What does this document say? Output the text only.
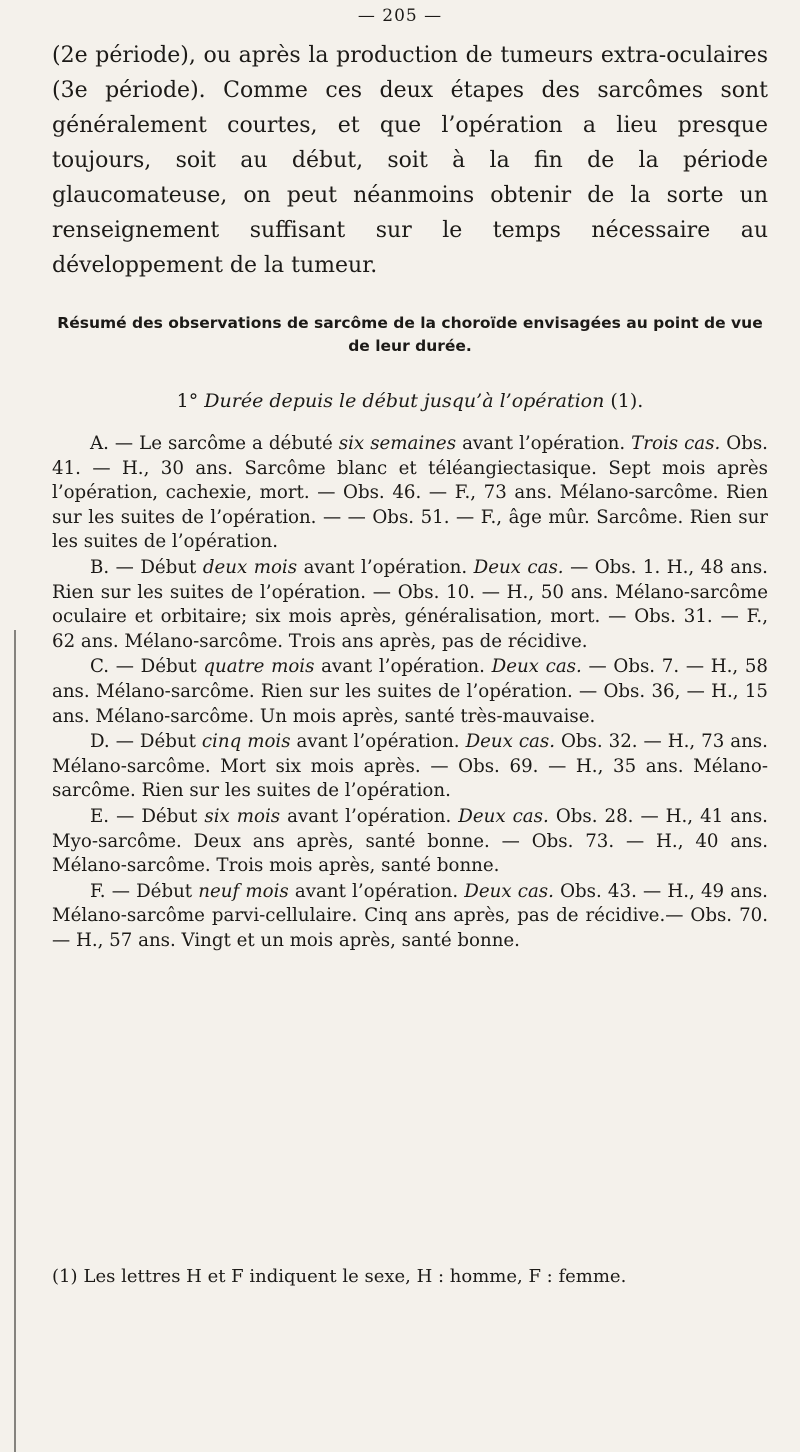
— 205 —

(2e période), ou après la production de tumeurs extra-oculaires (3e période). Comme ces deux étapes des sarcômes sont généralement courtes, et que l’opération a lieu presque toujours, soit au début, soit à la fin de la période glaucomateuse, on peut néanmoins obtenir de la sorte un renseignement suffisant sur le temps nécessaire au développement de la tumeur.

Résumé des observations de sarcôme de la choroïde envisagées au point de vue de leur durée.
1° Durée depuis le début jusqu’à l’opération (1).

A. — Le sarcôme a débuté six semaines avant l’opération. Trois cas. Obs. 41. — H., 30 ans. Sarcôme blanc et téléangiectasique. Sept mois après l’opération, cachexie, mort. — Obs. 46. — F., 73 ans. Mélano-sarcôme. Rien sur les suites de l’opération. — — Obs. 51. — F., âge mûr. Sarcôme. Rien sur les suites de l’opération.

B. — Début deux mois avant l’opération. Deux cas. — Obs. 1. H., 48 ans. Rien sur les suites de l’opération. — Obs. 10. — H., 50 ans. Mélano-sarcôme oculaire et orbitaire; six mois après, généralisation, mort. — Obs. 31. — F., 62 ans. Mélano-sarcôme. Trois ans après, pas de récidive.

C. — Début quatre mois avant l’opération. Deux cas. — Obs. 7. — H., 58 ans. Mélano-sarcôme. Rien sur les suites de l’opération. — Obs. 36, — H., 15 ans. Mélano-sarcôme. Un mois après, santé très-mauvaise.

D. — Début cinq mois avant l’opération. Deux cas. Obs. 32. — H., 73 ans. Mélano-sarcôme. Mort six mois après. — Obs. 69. — H., 35 ans. Mélano-sarcôme. Rien sur les suites de l’opération.

E. — Début six mois avant l’opération. Deux cas. Obs. 28. — H., 41 ans. Myo-sarcôme. Deux ans après, santé bonne. — Obs. 73. — H., 40 ans. Mélano-sarcôme. Trois mois après, santé bonne.

F. — Début neuf mois avant l’opération. Deux cas. Obs. 43. — H., 49 ans. Mélano-sarcôme parvi-cellulaire. Cinq ans après, pas de récidive.— Obs. 70. — H., 57 ans. Vingt et un mois après, santé bonne.

(1) Les lettres H et F indiquent le sexe, H : homme, F : femme.
